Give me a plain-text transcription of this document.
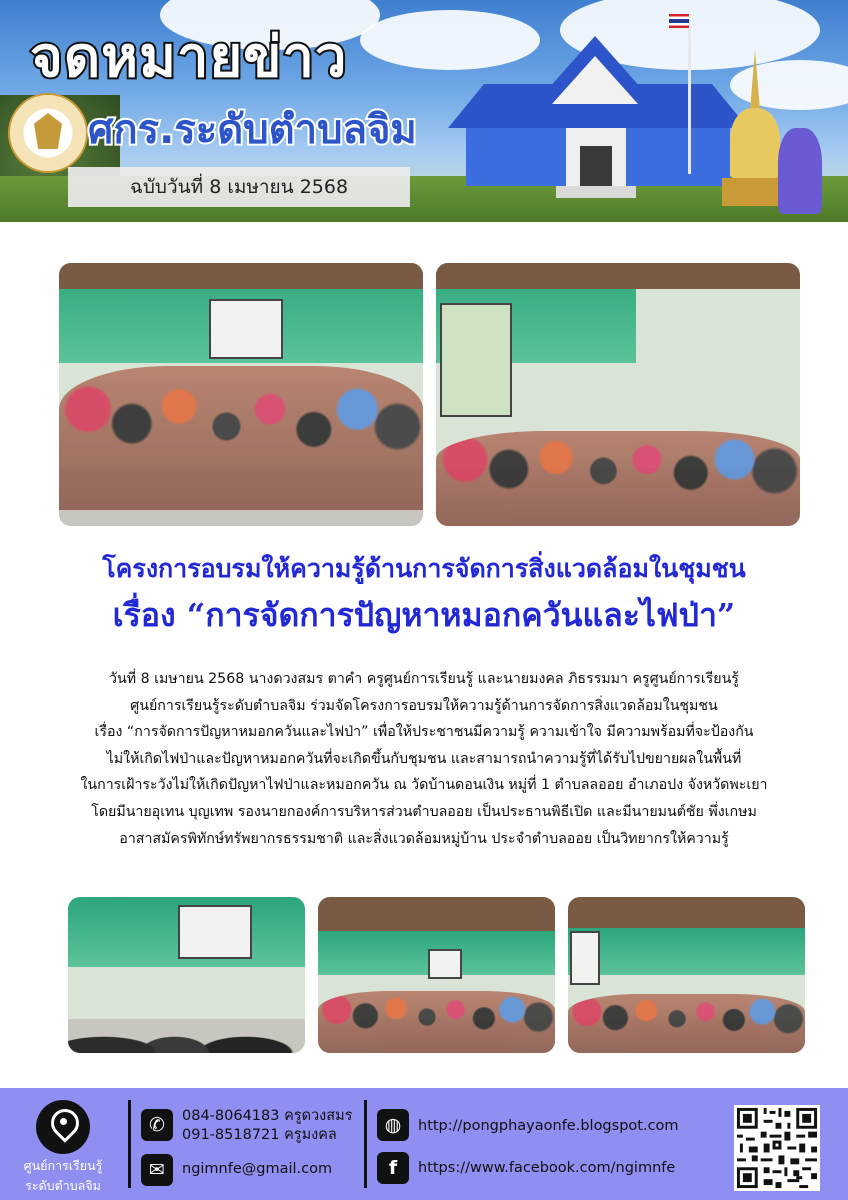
จดหมายข่าว
ศกร.ระดับตำบลจิม
ฉบับวันที่ 8 เมษายน 2568
โครงการอบรมให้ความรู้ด้านการจัดการสิ่งแวดล้อมในชุมชน
เรื่อง “การจัดการปัญหาหมอกควันและไฟป่า”
วันที่ 8 เมษายน 2568 นางดวงสมร ตาคำ ครูศูนย์การเรียนรู้ และนายมงคล ภิธรรมมา ครูศูนย์การเรียนรู้
ศูนย์การเรียนรู้ระดับตำบลจิม ร่วมจัดโครงการอบรมให้ความรู้ด้านการจัดการสิ่งแวดล้อมในชุมชน
เรื่อง “การจัดการปัญหาหมอกควันและไฟป่า” เพื่อให้ประชาชนมีความรู้ ความเข้าใจ มีความพร้อมที่จะป้องกัน
ไม่ให้เกิดไฟป่าและปัญหาหมอกควันที่จะเกิดขึ้นกับชุมชน และสามารถนำความรู้ที่ได้รับไปขยายผลในพื้นที่
ในการเฝ้าระวังไม่ให้เกิดปัญหาไฟป่าและหมอกควัน ณ วัดบ้านดอนเงิน หมู่ที่ 1 ตำบลลออย อำเภอปง จังหวัดพะเยา
โดยมีนายอุเทน บุญเทพ รองนายกองค์การบริหารส่วนตำบลออย เป็นประธานพิธีเปิด และมีนายมนต์ชัย พึ่งเกษม
อาสาสมัครพิทักษ์ทรัพยากรธรรมชาติ และสิ่งแวดล้อมหมู่บ้าน ประจำตำบลออย เป็นวิทยากรให้ความรู้
ศูนย์การเรียนรู้
ระดับตำบลจิม
✆	084-8064183 ครูดวงสมร
091-8518721 ครูมงคล
✉	ngimnfe@gmail.com
◍	http://pongphayaonfe.blogspot.com
f	https://www.facebook.com/ngimnfe
